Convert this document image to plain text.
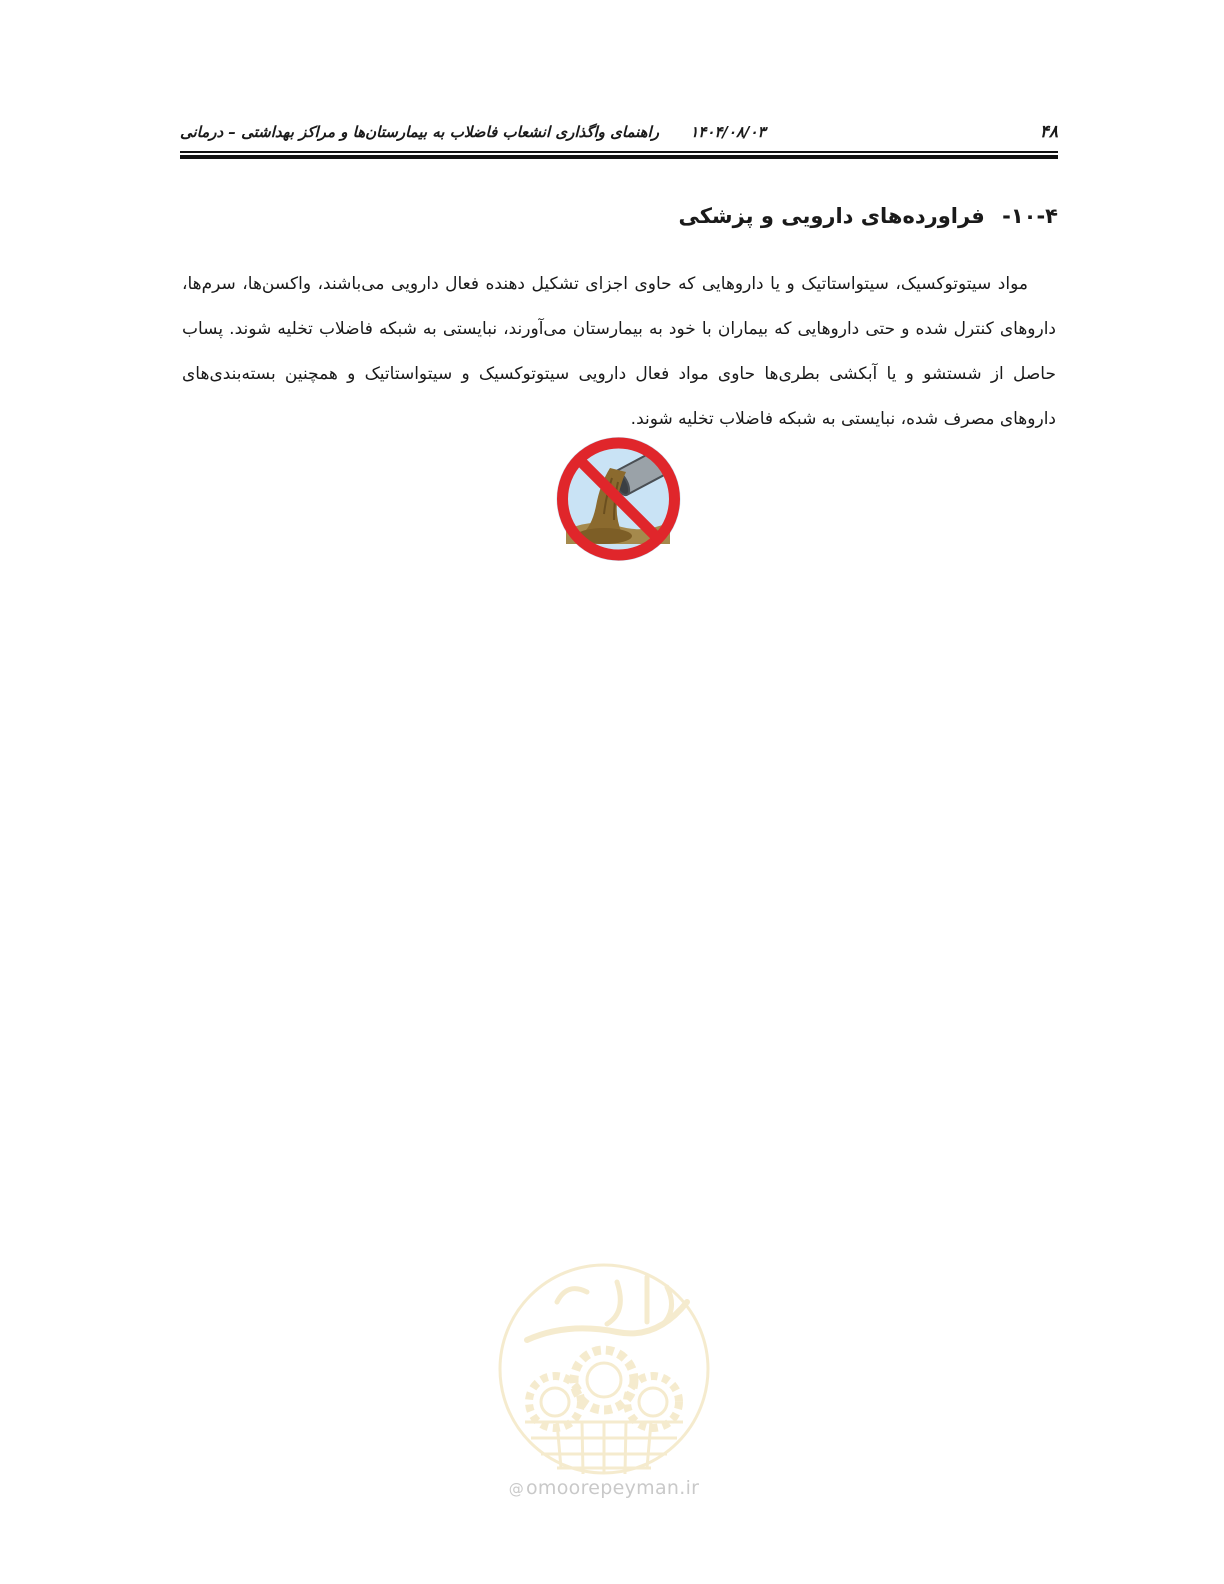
۴۸
۱۴۰۴/۰۸/۰۳ راهنمای واگذاری انشعاب فاضلاب به بیمارستان‌ها و مراکز بهداشتی – درمانی
۱۰-۴- فراورده‌های دارویی و پزشکی

مواد سیتوتوکسیک، سیتواستاتیک و یا داروهایی که حاوی اجزای تشکیل دهنده فعال دارویی می‌باشند، واکسن‌ها، سرم‌ها، داروهای کنترل شده و حتی داروهایی که بیماران با خود به بیمارستان می‌آورند، نبایستی به شبکه فاضلاب تخلیه شوند. پساب حاصل از شستشو و یا آبکشی بطری‌ها حاوی مواد فعال دارویی سیتوتوکسیک و سیتواستاتیک و همچنین بسته‌بندی‌های داروهای مصرف شده، نبایستی به شبکه فاضلاب تخلیه شوند.

@ omoorepeyman.ir
